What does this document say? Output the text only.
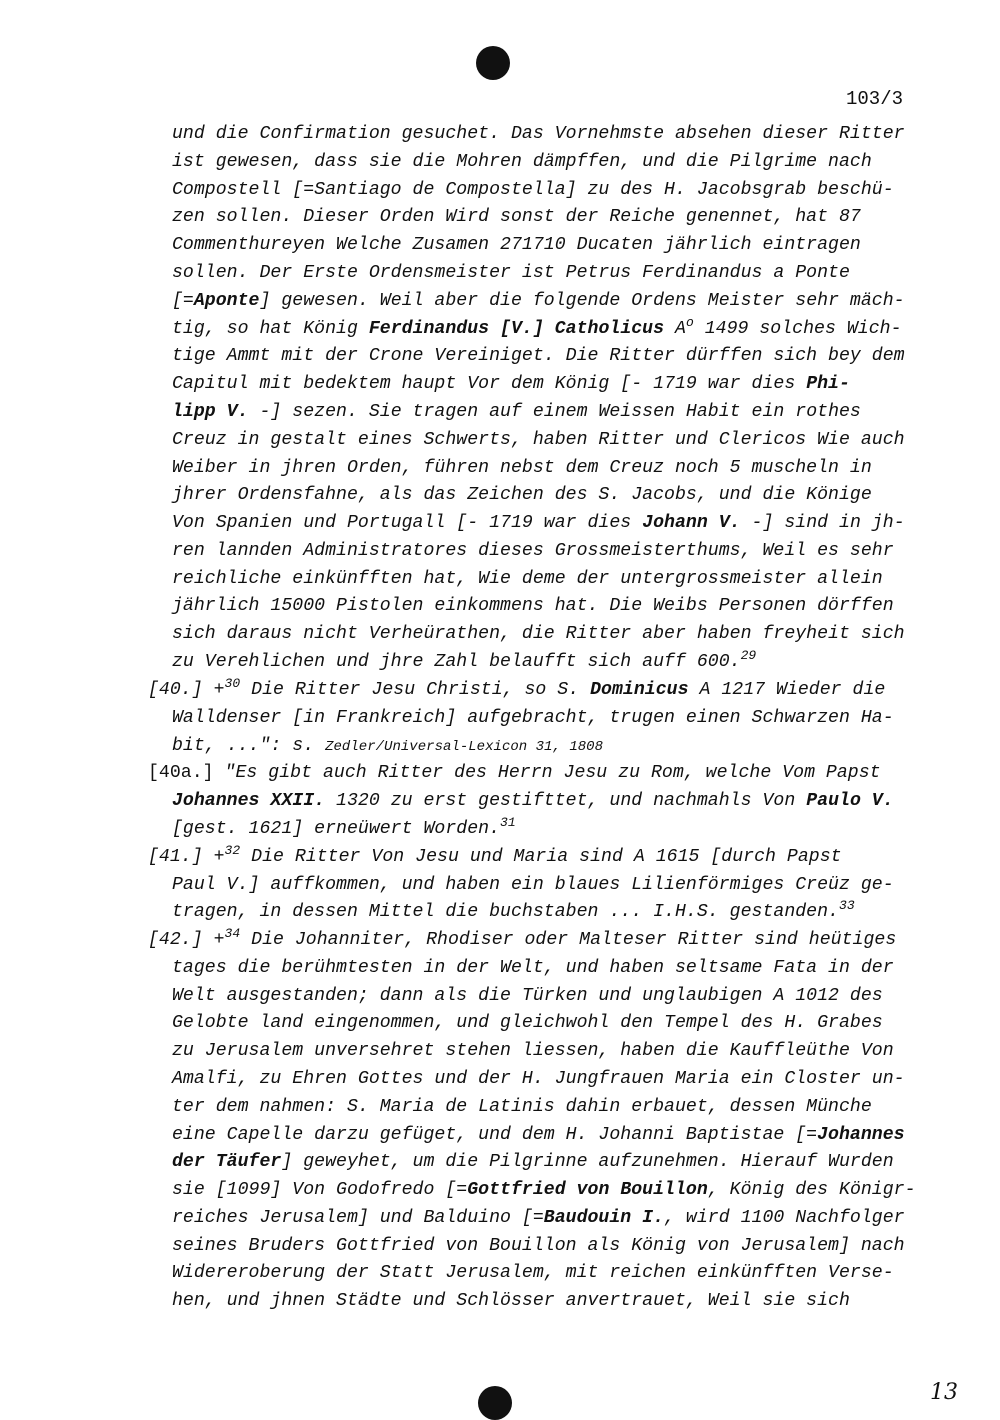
103/3
und die Confirmation gesuchet. Das Vornehmste absehen dieser Ritter
ist gewesen, dass sie die Mohren dämpffen, und die Pilgrime nach
Compostell [=Santiago de Compostella] zu des H. Jacobsgrab beschü-
zen sollen. Dieser Orden Wird sonst der Reiche genennet, hat 87
Commenthureyen Welche Zusamen 271710 Ducaten jährlich eintragen
sollen. Der Erste Ordensmeister ist Petrus Ferdinandus a Ponte
[=Aponte] gewesen. Weil aber die folgende Ordens Meister sehr mäch-
tig, so hat König Ferdinandus [V.] Catholicus $A^o$ 1499 solches Wich-
tige Ammt mit der Crone Vereiniget. Die Ritter dürffen sich bey dem
Capitul mit bedektem haupt Vor dem König [- 1719 war dies Phi-
lipp V. -] sezen. Sie tragen auf einem Weissen Habit ein rothes
Creuz in gestalt eines Schwerts, haben Ritter und Clericos Wie auch
Weiber in jhren Orden, führen nebst dem Creuz noch 5 muscheln in
jhrer Ordensfahne, als das Zeichen des S. Jacobs, und die Könige
Von Spanien und Portugall [- 1719 war dies Johann V. -] sind in jh-
ren lannden Administratores dieses Grossmeisterthums, Weil es sehr
reichliche einkünfften hat, Wie deme der untergrossmeister allein
jährlich 15000 Pistolen einkommens hat. Die Weibs Personen dörffen
sich daraus nicht Verheürathen, die Ritter aber haben freyheit sich
zu Verehlichen und jhre Zahl belaufft sich auff 600.29
[40.] +$^{30}$ Die Ritter Jesu Christi, so S. Dominicus A 1217 Wieder die
Walldenser [in Frankreich] aufgebracht, trugen einen Schwarzen Ha-
bit, ...": s. Zedler/Universal-Lexicon 31, 1808
[40a.] "Es gibt auch Ritter des Herrn Jesu zu Rom, welche Vom Papst
Johannes XXII. 1320 zu erst gestifttet, und nachmahls Von Paulo V.
[gest. 1621] erneüwert Worden.$^{31}$
[41.] +$^{32}$ Die Ritter Von Jesu und Maria sind A 1615 [durch Papst
Paul V.] auffkommen, und haben ein blaues Lilienförmiges Creüz ge-
tragen, in dessen Mittel die buchstaben ... I.H.S. gestanden.$^{33}$
[42.] +$^{34}$ Die Johanniter, Rhodiser oder Malteser Ritter sind heütiges
tages die berühmtesten in der Welt, und haben seltsame Fata in der
Welt ausgestanden; dann als die Türken und unglaubigen A 1012 des
Gelobte land eingenommen, und gleichwohl den Tempel des H. Grabes
zu Jerusalem unversehret stehen liessen, haben die Kauffleüthe Von
Amalfi, zu Ehren Gottes und der H. Jungfrauen Maria ein Closter un-
ter dem nahmen: S. Maria de Latinis dahin erbauet, dessen Münche
eine Capelle darzu gefüget, und dem H. Johanni Baptistae [=Johannes
der Täufer] geweyhet, um die Pilgrinne aufzunehmen. Hierauf Wurden
sie [1099] Von Godofredo [=Gottfried von Bouillon, König des Königr-
reiches Jerusalem] und Balduino [=Baudouin I., wird 1100 Nachfolger
seines Bruders Gottfried von Bouillon als König von Jerusalem] nach
Widereroberung der Statt Jerusalem, mit reichen einkünfften Verse-
hen, und jhnen Städte und Schlösser anvertrauet, Weil sie sich
13
